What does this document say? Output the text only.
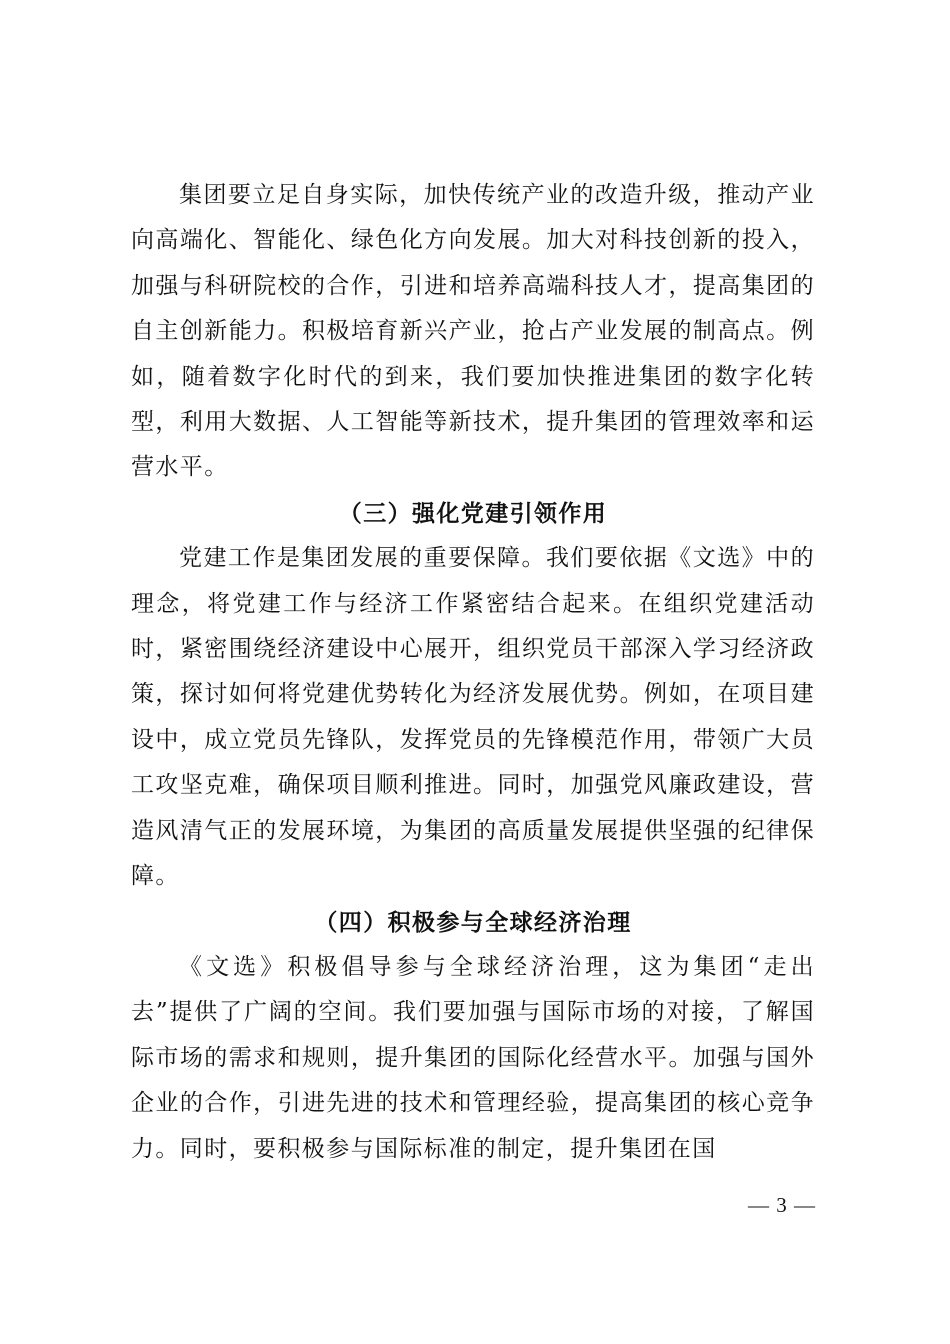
集团要立足自身实际，加快传统产业的改造升级，推动产业向高端化、智能化、绿色化方向发展。加大对科技创新的投入，加强与科研院校的合作，引进和培养高端科技人才，提高集团的自主创新能力。积极培育新兴产业，抢占产业发展的制高点。例如，随着数字化时代的到来，我们要加快推进集团的数字化转型，利用大数据、人工智能等新技术，提升集团的管理效率和运营水平。

（三）强化党建引领作用

党建工作是集团发展的重要保障。我们要依据《文选》中的理念，将党建工作与经济工作紧密结合起来。在组织党建活动时，紧密围绕经济建设中心展开，组织党员干部深入学习经济政策，探讨如何将党建优势转化为经济发展优势。例如，在项目建设中，成立党员先锋队，发挥党员的先锋模范作用，带领广大员工攻坚克难，确保项目顺利推进。同时，加强党风廉政建设，营造风清气正的发展环境，为集团的高质量发展提供坚强的纪律保障。

（四）积极参与全球经济治理

《文选》积极倡导参与全球经济治理，这为集团“走出去”提供了广阔的空间。我们要加强与国际市场的对接，了解国际市场的需求和规则，提升集团的国际化经营水平。加强与国外企业的合作，引进先进的技术和管理经验，提高集团的核心竞争力。同时，要积极参与国际标准的制定，提升集团在国

— 3 —
